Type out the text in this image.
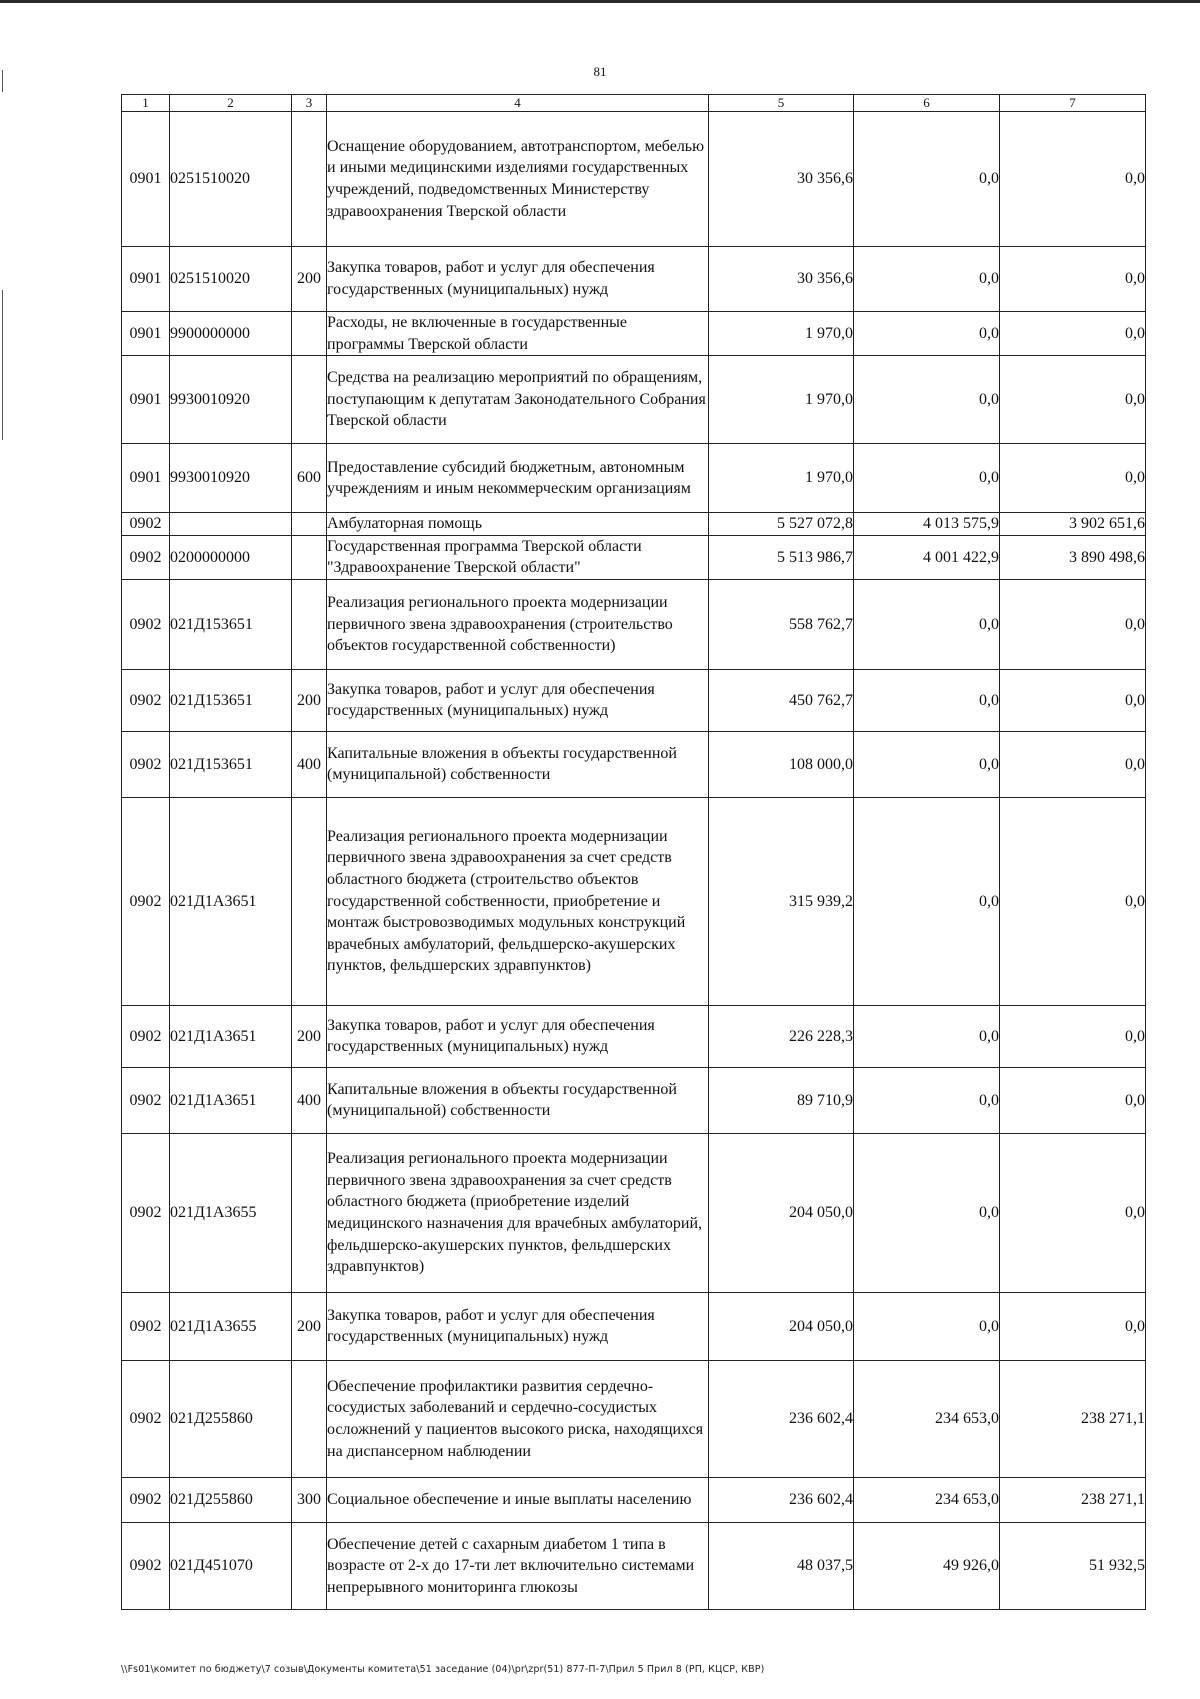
81
1	2	3	4	5	6	7
0901	0251510020		Оснащение оборудованием, автотранспортом, мебелью и иными медицинскими изделиями государственных учреждений, подведомственных Министерству здравоохранения Тверской области	30 356,6	0,0	0,0
0901	0251510020	200	Закупка товаров, работ и услуг для обеспечения государственных (муниципальных) нужд	30 356,6	0,0	0,0
0901	9900000000		Расходы, не включенные в государственные программы Тверской области	1 970,0	0,0	0,0
0901	9930010920		Средства на реализацию мероприятий по обращениям, поступающим к депутатам Законодательного Собрания Тверской области	1 970,0	0,0	0,0
0901	9930010920	600	Предоставление субсидий бюджетным, автономным учреждениям и иным некоммерческим организациям	1 970,0	0,0	0,0
0902			Амбулаторная помощь	5 527 072,8	4 013 575,9	3 902 651,6
0902	0200000000		Государственная программа Тверской области "Здравоохранение Тверской области"	5 513 986,7	4 001 422,9	3 890 498,6
0902	021Д153651		Реализация регионального проекта модернизации первичного звена здравоохранения (строительство объектов государственной собственности)	558 762,7	0,0	0,0
0902	021Д153651	200	Закупка товаров, работ и услуг для обеспечения государственных (муниципальных) нужд	450 762,7	0,0	0,0
0902	021Д153651	400	Капитальные вложения в объекты государственной (муниципальной) собственности	108 000,0	0,0	0,0
0902	021Д1А3651		Реализация регионального проекта модернизации первичного звена здравоохранения за счет средств областного бюджета (строительство объектов государственной собственности, приобретение и монтаж быстровозводимых модульных конструкций врачебных амбулаторий, фельдшерско-акушерских пунктов, фельдшерских здравпунктов)	315 939,2	0,0	0,0
0902	021Д1А3651	200	Закупка товаров, работ и услуг для обеспечения государственных (муниципальных) нужд	226 228,3	0,0	0,0
0902	021Д1А3651	400	Капитальные вложения в объекты государственной (муниципальной) собственности	89 710,9	0,0	0,0
0902	021Д1А3655		Реализация регионального проекта модернизации первичного звена здравоохранения за счет средств областного бюджета (приобретение изделий медицинского назначения для врачебных амбулаторий, фельдшерско-акушерских пунктов, фельдшерских здравпунктов)	204 050,0	0,0	0,0
0902	021Д1А3655	200	Закупка товаров, работ и услуг для обеспечения государственных (муниципальных) нужд	204 050,0	0,0	0,0
0902	021Д255860		Обеспечение профилактики развития сердечно-сосудистых заболеваний и сердечно-сосудистых осложнений у пациентов высокого риска, находящихся на диспансерном наблюдении	236 602,4	234 653,0	238 271,1
0902	021Д255860	300	Социальное обеспечение и иные выплаты населению	236 602,4	234 653,0	238 271,1
0902	021Д451070		Обеспечение детей с сахарным диабетом 1 типа в возрасте от 2-х до 17-ти лет включительно системами непрерывного мониторинга глюкозы	48 037,5	49 926,0	51 932,5
\\Fs01\комитет по бюджету\7 созыв\Документы комитета\51 заседание (04)\pr\zpr(51) 877-П-7\Прил 5 Прил 8 (РП, КЦСР, КВР)
